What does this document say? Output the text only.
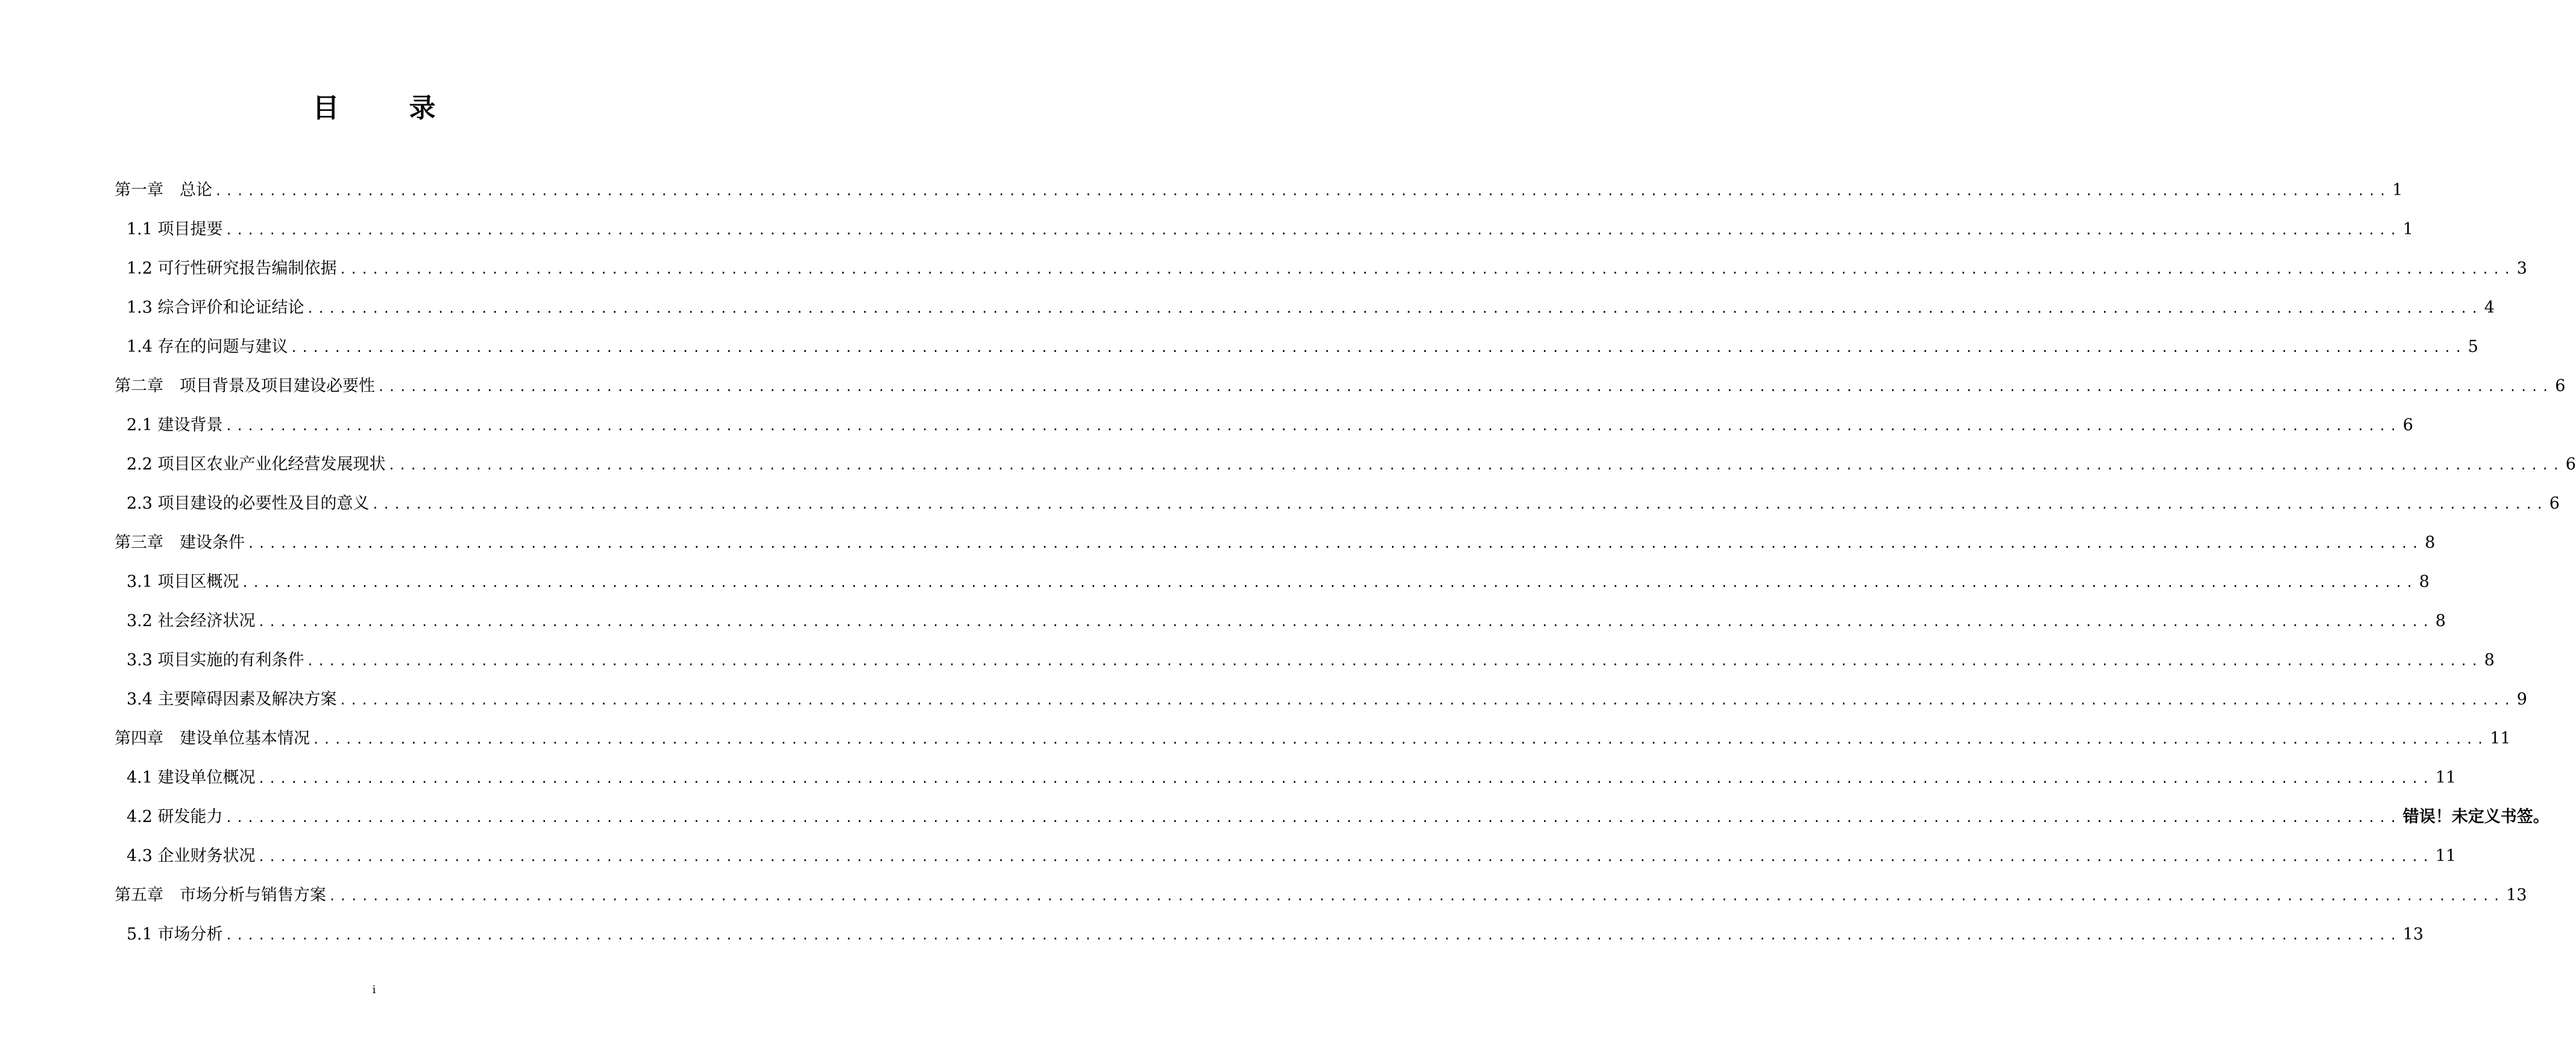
目　录
第一章　总论 ........................................................................................................................................................................................................ 1
1.1 项目提要 ........................................................................................................................................................................................................ 1
1.2 可行性研究报告编制依据 ........................................................................................................................................................................................................ 3
1.3 综合评价和论证结论 ........................................................................................................................................................................................................ 4
1.4 存在的问题与建议 ........................................................................................................................................................................................................ 5
第二章　项目背景及项目建设必要性 ........................................................................................................................................................................................................ 6
2.1 建设背景 ........................................................................................................................................................................................................ 6
2.2 项目区农业产业化经营发展现状 ........................................................................................................................................................................................................ 6
2.3 项目建设的必要性及目的意义 ........................................................................................................................................................................................................ 6
第三章　建设条件 ........................................................................................................................................................................................................ 8
3.1 项目区概况 ........................................................................................................................................................................................................ 8
3.2 社会经济状况 ........................................................................................................................................................................................................ 8
3.3 项目实施的有利条件 ........................................................................................................................................................................................................ 8
3.4 主要障碍因素及解决方案 ........................................................................................................................................................................................................ 9
第四章　建设单位基本情况 ........................................................................................................................................................................................................ 11
4.1 建设单位概况 ........................................................................................................................................................................................................ 11
4.2 研发能力 ........................................................................................................................................................................................................ 错误！未定义书签。
4.3 企业财务状况 ........................................................................................................................................................................................................ 11
第五章　市场分析与销售方案 ........................................................................................................................................................................................................ 13
5.1 市场分析 ........................................................................................................................................................................................................ 13
i
